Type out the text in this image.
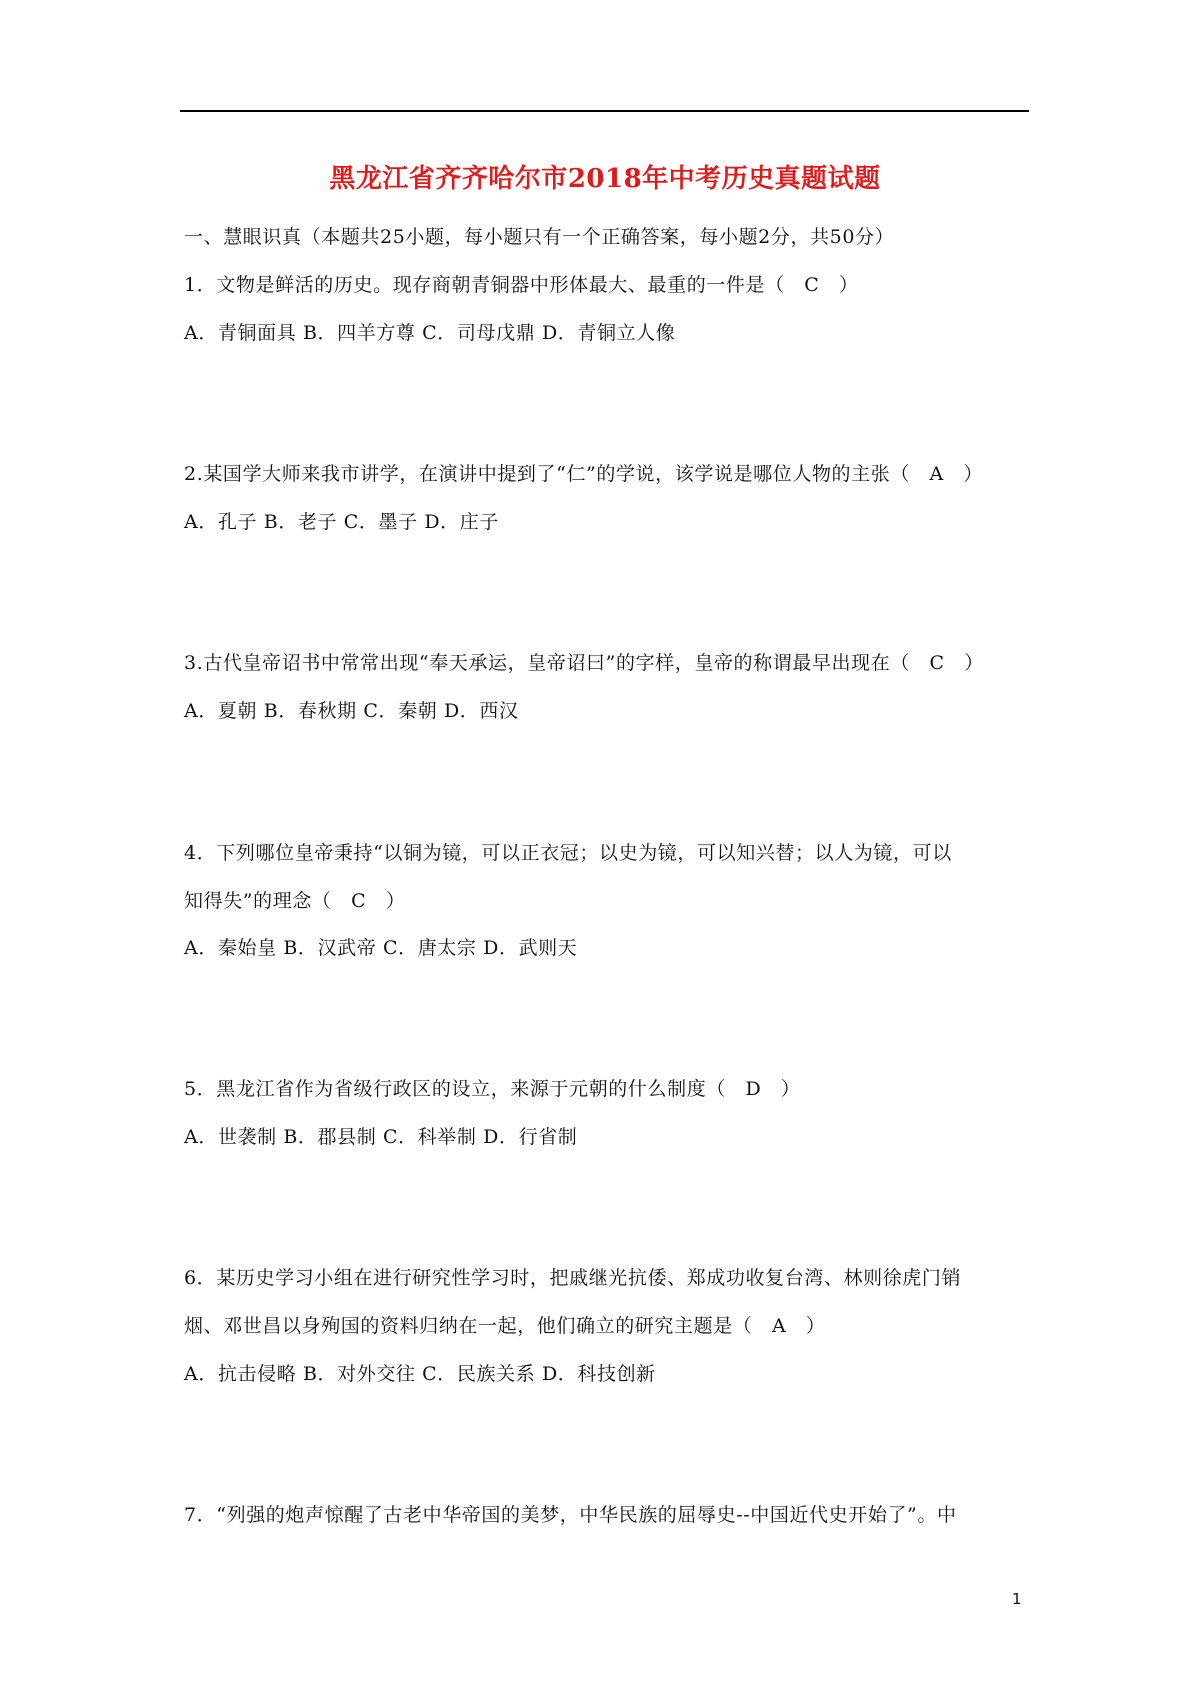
黑龙江省齐齐哈尔市2018年中考历史真题试题
一、慧眼识真（本题共25小题，每小题只有一个正确答案，每小题2分，共50分）
1．文物是鲜活的历史。现存商朝青铜器中形体最大、最重的一件是（　C　）
A．青铜面具 B．四羊方尊 C．司母戊鼎 D．青铜立人像
2.某国学大师来我市讲学，在演讲中提到了“仁”的学说，该学说是哪位人物的主张（　A　）
A．孔子 B．老子 C．墨子 D．庄子
3.古代皇帝诏书中常常出现“奉天承运，皇帝诏曰”的字样，皇帝的称谓最早出现在（　C　）
A．夏朝 B．春秋期 C．秦朝 D．西汉
4．下列哪位皇帝秉持“以铜为镜，可以正衣冠；以史为镜，可以知兴替；以人为镜，可以
知得失”的理念（　C　）
A．秦始皇 B．汉武帝 C．唐太宗 D．武则天
5．黑龙江省作为省级行政区的设立，来源于元朝的什么制度（　D　）
A．世袭制 B．郡县制 C．科举制 D．行省制
6．某历史学习小组在进行研究性学习时，把戚继光抗倭、郑成功收复台湾、林则徐虎门销
烟、邓世昌以身殉国的资料归纳在一起，他们确立的研究主题是（　A　）
A．抗击侵略 B．对外交往 C．民族关系 D．科技创新
7．“列强的炮声惊醒了古老中华帝国的美梦，中华民族的屈辱史--中国近代史开始了”。中
1
